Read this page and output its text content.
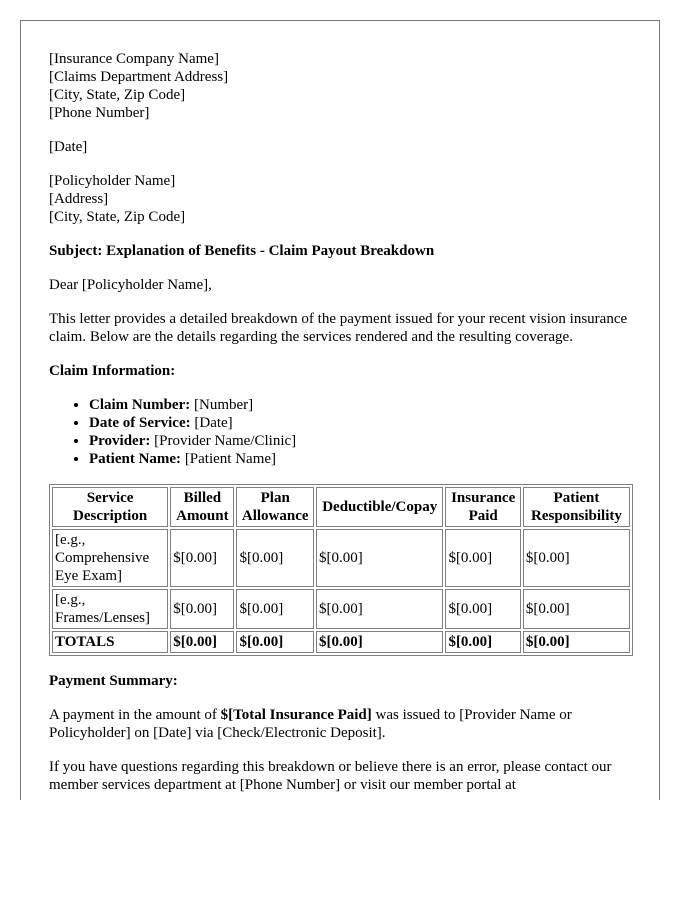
[Insurance Company Name]
[Claims Department Address]
[City, State, Zip Code]
[Phone Number]

[Date]

[Policyholder Name]
[Address]
[City, State, Zip Code]

Subject: Explanation of Benefits - Claim Payout Breakdown

Dear [Policyholder Name],

This letter provides a detailed breakdown of the payment issued for your recent vision insurance claim. Below are the details regarding the services rendered and the resulting coverage.

Claim Information:

• Claim Number: [Number]
• Date of Service: [Date]
• Provider: [Provider Name/Clinic]
• Patient Name: [Patient Name]
Service Description	Billed Amount	Plan Allowance	Deductible/Copay	Insurance Paid	Patient Responsibility
[e.g., Comprehensive Eye Exam]	$[0.00]	$[0.00]	$[0.00]	$[0.00]	$[0.00]
[e.g., Frames/Lenses]	$[0.00]	$[0.00]	$[0.00]	$[0.00]	$[0.00]
TOTALS	$[0.00]	$[0.00]	$[0.00]	$[0.00]	$[0.00]

Payment Summary:

A payment in the amount of $[Total Insurance Paid] was issued to [Provider Name or Policyholder] on [Date] via [Check/Electronic Deposit].

If you have questions regarding this breakdown or believe there is an error, please contact our member services department at [Phone Number] or visit our member portal at
